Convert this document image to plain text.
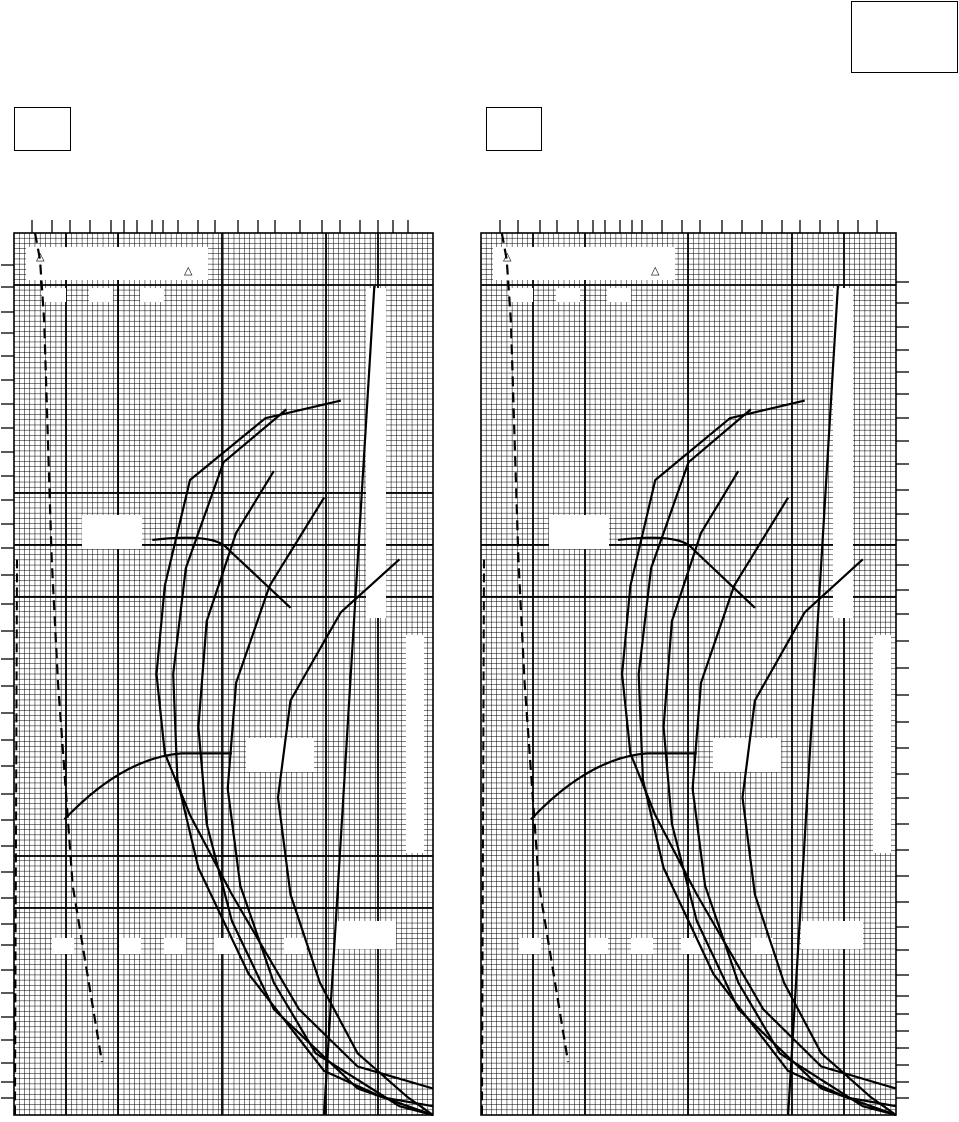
△
△
△
△
